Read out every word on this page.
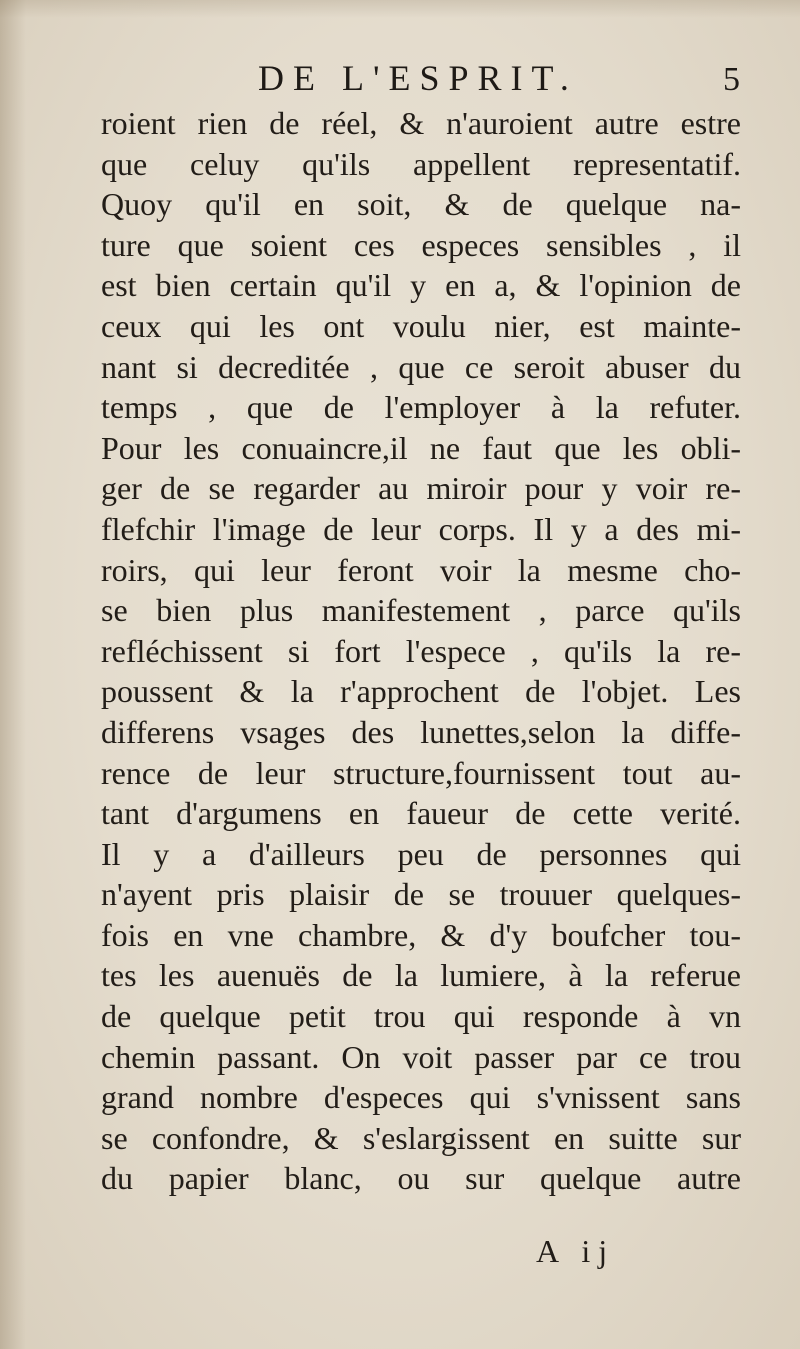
DE L'ESPRIT.	5
roient rien de réel, & n'auroient autre estre
que celuy qu'ils appellent representatif.
Quoy qu'il en soit, & de quelque na-
ture que soient ces especes sensibles , il
est bien certain qu'il y en a, & l'opinion de
ceux qui les ont voulu nier, est mainte-
nant si decreditée , que ce seroit abuser du
temps , que de l'employer à la refuter.
Pour les conuaincre,il ne faut que les obli-
ger de se regarder au miroir pour y voir re-
flefchir l'image de leur corps. Il y a des mi-
roirs, qui leur feront voir la mesme cho-
se bien plus manifestement , parce qu'ils
refléchissent si fort l'espece , qu'ils la re-
poussent & la r'approchent de l'objet. Les
differens vsages des lunettes,selon la diffe-
rence de leur structure,fournissent tout au-
tant d'argumens en faueur de cette verité.
Il y a d'ailleurs peu de personnes qui
n'ayent pris plaisir de se trouuer quelques-
fois en vne chambre, & d'y boufcher tou-
tes les auenuës de la lumiere, à la referue
de quelque petit trou qui responde à vn
chemin passant. On voit passer par ce trou
grand nombre d'especes qui s'vnissent sans
se confondre, & s'eslargissent en suitte sur
du papier blanc, ou sur quelque autre
A ij
